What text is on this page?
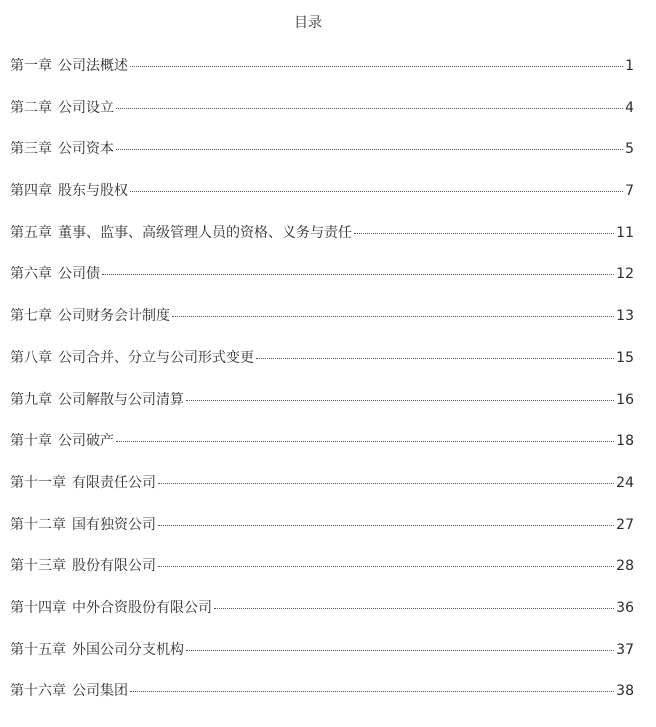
目录
第一章 公司法概述	1
第二章 公司设立	4
第三章 公司资本	5
第四章 股东与股权	7
第五章 董事、监事、高级管理人员的资格、义务与责任	11
第六章 公司债	12
第七章 公司财务会计制度	13
第八章 公司合并、分立与公司形式变更	15
第九章 公司解散与公司清算	16
第十章 公司破产	18
第十一章 有限责任公司	24
第十二章 国有独资公司	27
第十三章 股份有限公司	28
第十四章 中外合资股份有限公司	36
第十五章 外国公司分支机构	37
第十六章 公司集团	38
